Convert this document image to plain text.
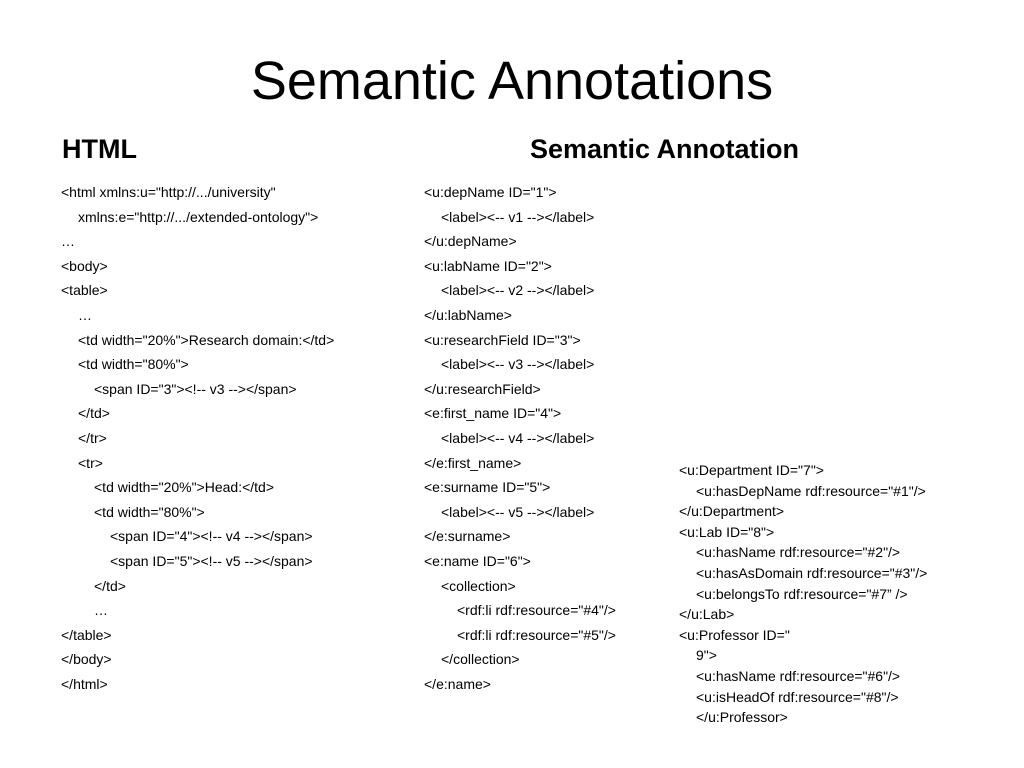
Semantic Annotations
HTML	Semantic Annotation
<html xmlns:u="http://.../university"
xmlns:e="http://.../extended-ontology">
…
<body>
<table>
…
<td width="20%">Research domain:</td>
<td width="80%">
<span ID="3"><!-- v3 --></span>
</td>
</tr>
<tr>
<td width="20%">Head:</td>
<td width="80%">
<span ID="4"><!-- v4 --></span>
<span ID="5"><!-- v5 --></span>
</td>
…
</table>
</body>
</html>
<u:depName ID="1">
<label><-- v1 --></label>
</u:depName>
<u:labName ID="2">
<label><-- v2 --></label>
</u:labName>
<u:researchField ID="3">
<label><-- v3 --></label>
</u:researchField>
<e:first_name ID="4">
<label><-- v4 --></label>
</e:first_name>
<e:surname ID="5">
<label><-- v5 --></label>
</e:surname>
<e:name ID="6">
<collection>
<rdf:li rdf:resource="#4"/>
<rdf:li rdf:resource="#5"/>
</collection>
</e:name>
<u:Department ID="7">
<u:hasDepName rdf:resource="#1"/>
</u:Department>
<u:Lab ID="8">
<u:hasName rdf:resource="#2"/>
<u:hasAsDomain rdf:resource="#3"/>
<u:belongsTo rdf:resource="#7” />
</u:Lab>
<u:Professor ID="
9">
<u:hasName rdf:resource="#6"/>
<u:isHeadOf rdf:resource="#8"/>
</u:Professor>
